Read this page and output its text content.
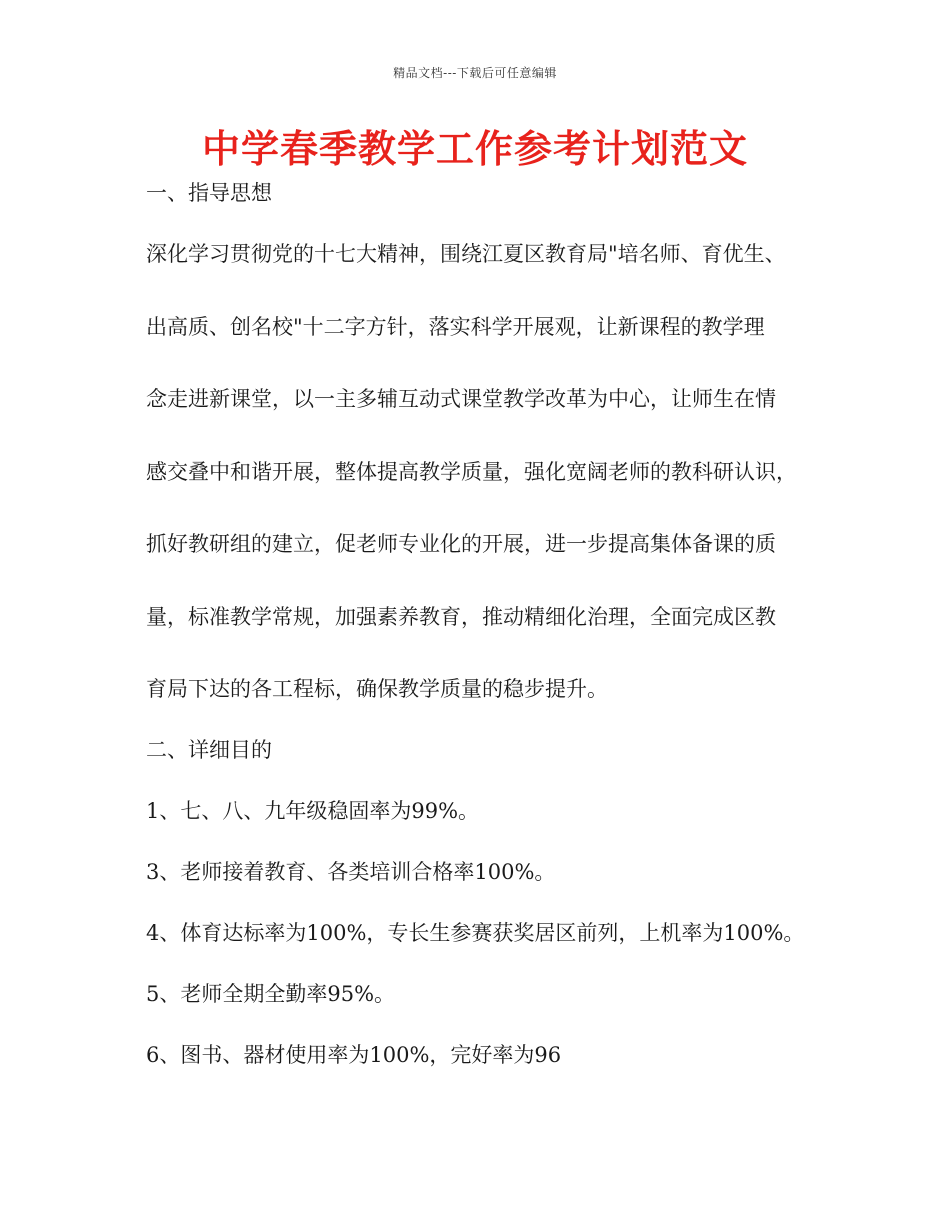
精品文档---下载后可任意编辑
中学春季教学工作参考计划范文

一、指导思想

深化学习贯彻党的十七大精神，围绕江夏区教育局"培名师、育优生、

出高质、创名校"十二字方针，落实科学开展观，让新课程的教学理

念走进新课堂，以一主多辅互动式课堂教学改革为中心，让师生在情

感交叠中和谐开展，整体提高教学质量，强化宽阔老师的教科研认识，

抓好教研组的建立，促老师专业化的开展，进一步提高集体备课的质

量，标准教学常规，加强素养教育，推动精细化治理，全面完成区教

育局下达的各工程标，确保教学质量的稳步提升。

二、详细目的

1、七、八、九年级稳固率为99%。

3、老师接着教育、各类培训合格率100%。

4、体育达标率为100%，专长生参赛获奖居区前列，上机率为100%。

5、老师全期全勤率95%。

6、图书、器材使用率为100%，完好率为96
